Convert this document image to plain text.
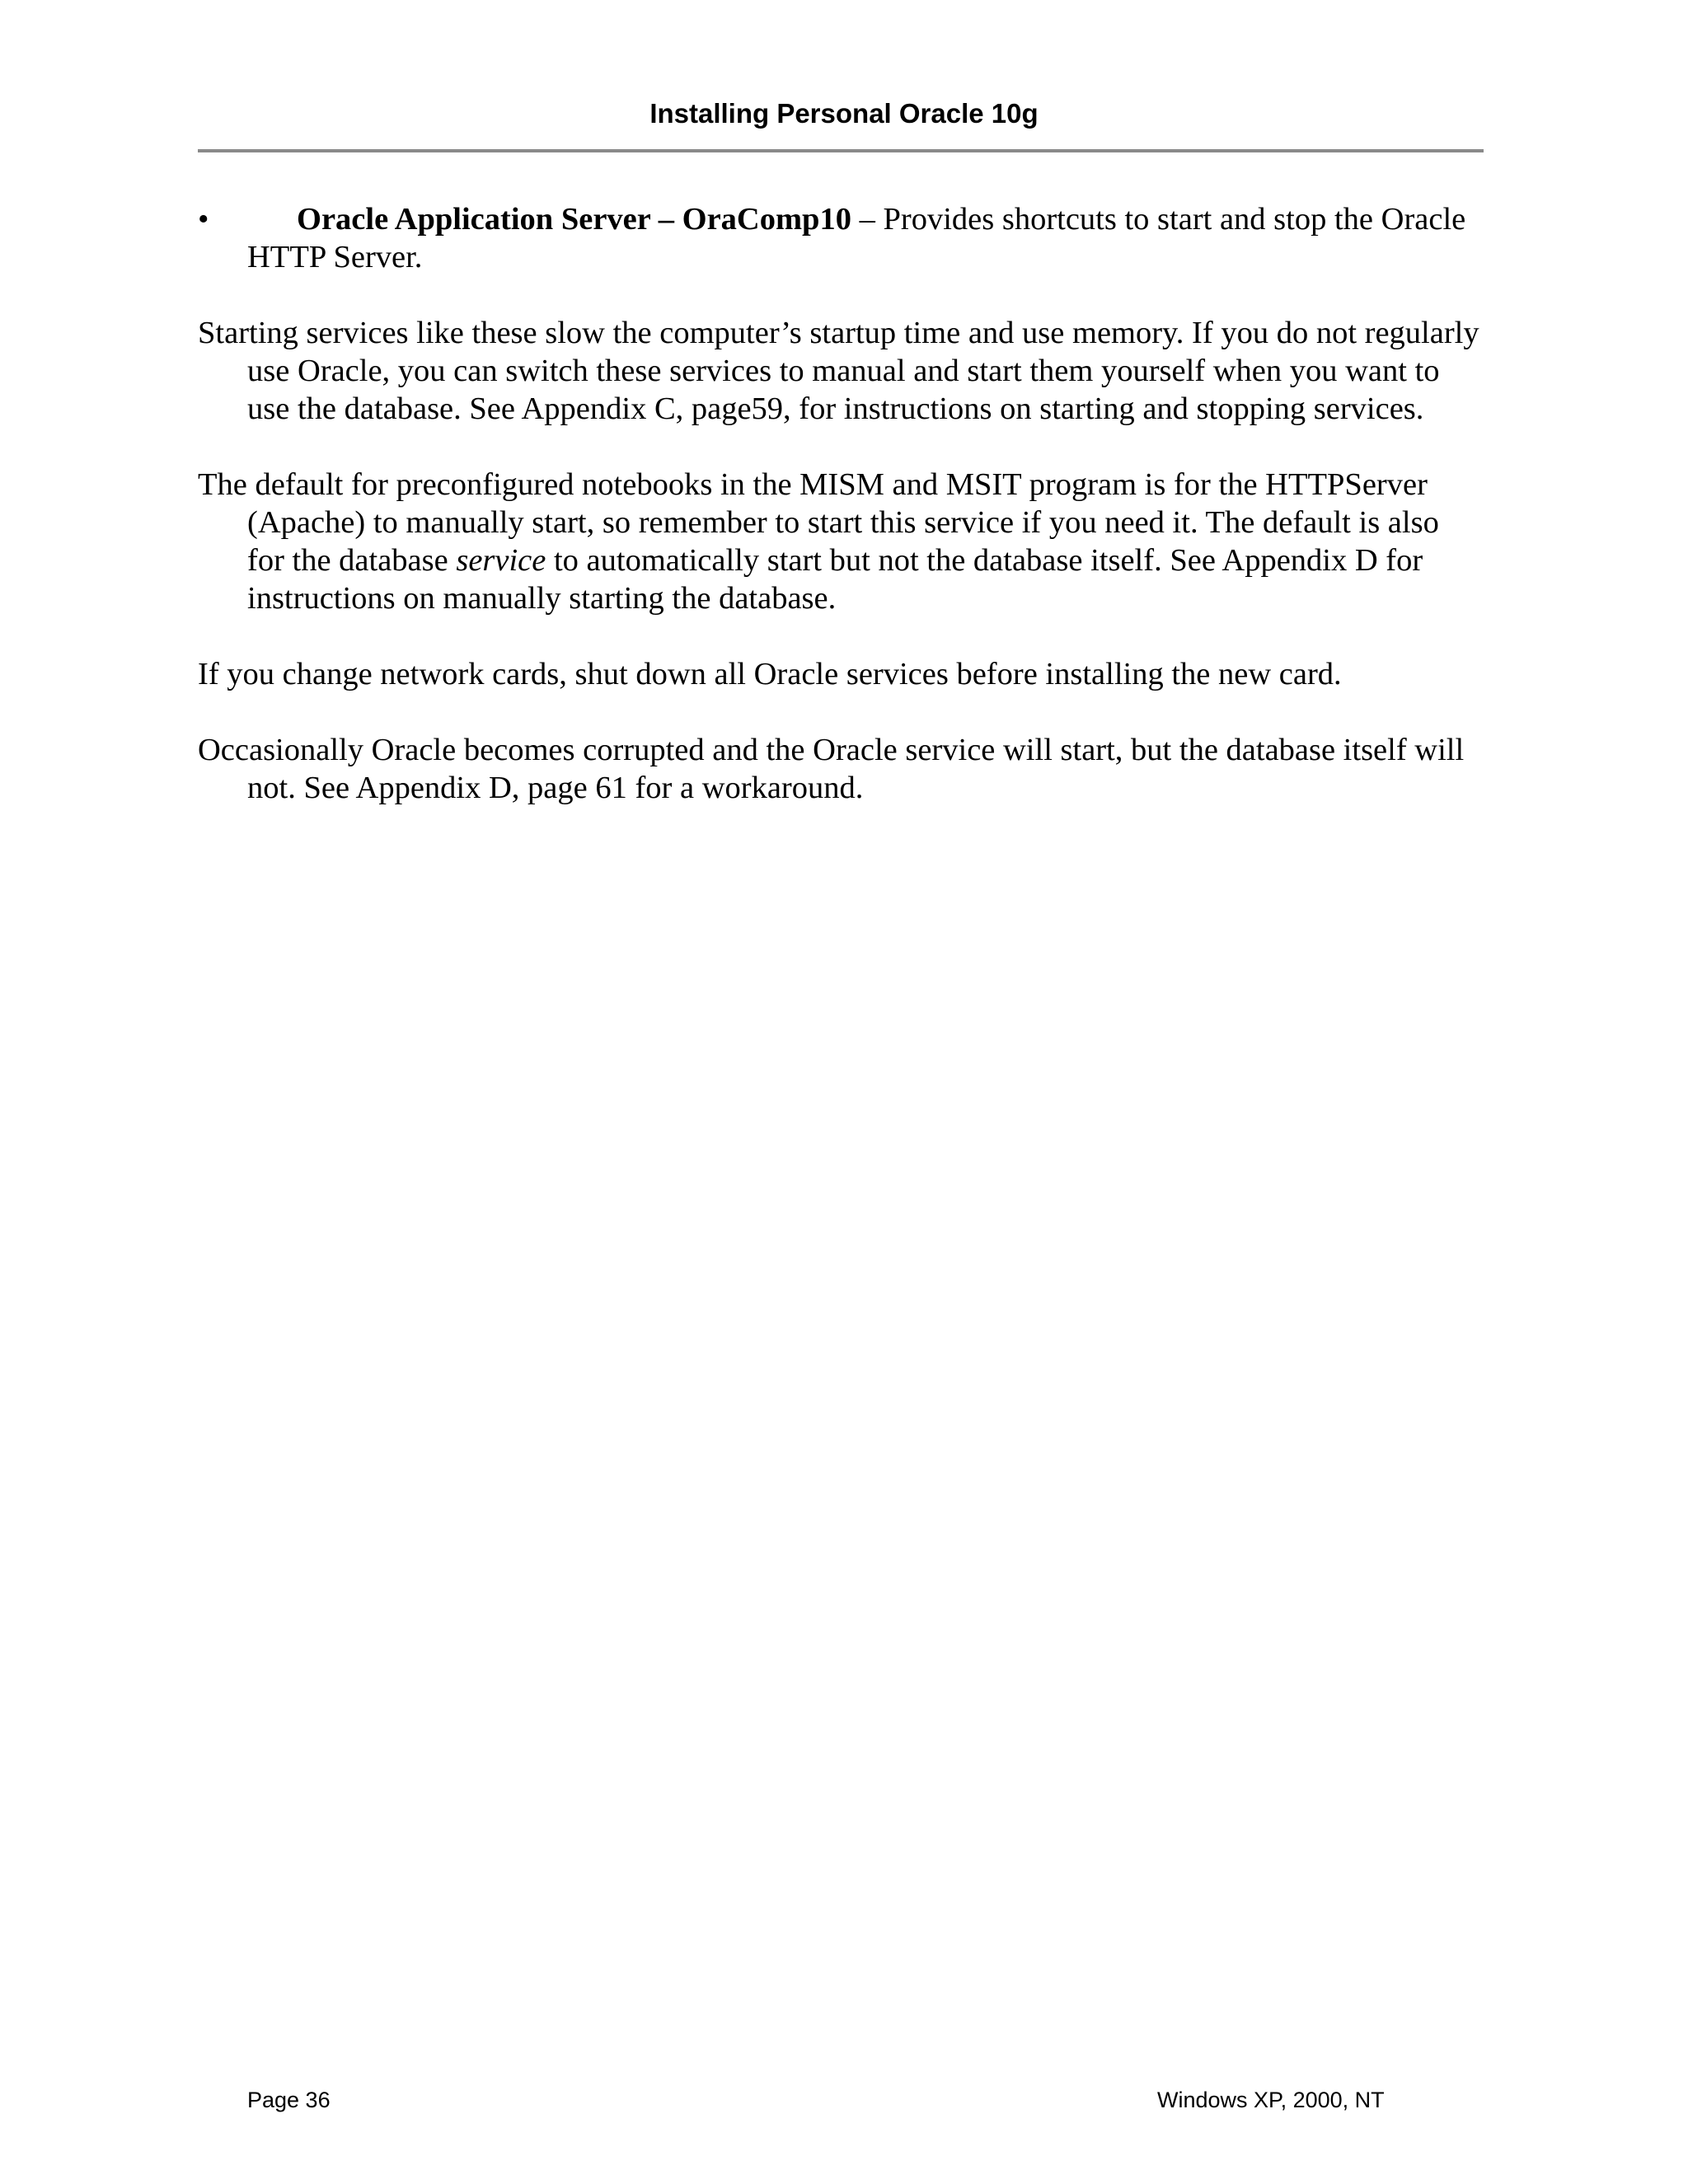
Installing Personal Oracle 10g
•	Oracle Application Server – OraComp10 – Provides shortcuts to start and stop the Oracle HTTP Server.

Starting services like these slow the computer’s startup time and use memory. If you do not regularly use Oracle, you can switch these services to manual and start them yourself when you want to use the database. See Appendix C, page59, for instructions on starting and stopping services.

The default for preconfigured notebooks in the MISM and MSIT program is for the HTTPServer (Apache) to manually start, so remember to start this service if you need it. The default is also for the database service to automatically start but not the database itself. See Appendix D for instructions on manually starting the database.

If you change network cards, shut down all Oracle services before installing the new card.

Occasionally Oracle becomes corrupted and the Oracle service will start, but the database itself will not. See Appendix D, page 61 for a workaround.

Page 36	Windows XP, 2000, NT
